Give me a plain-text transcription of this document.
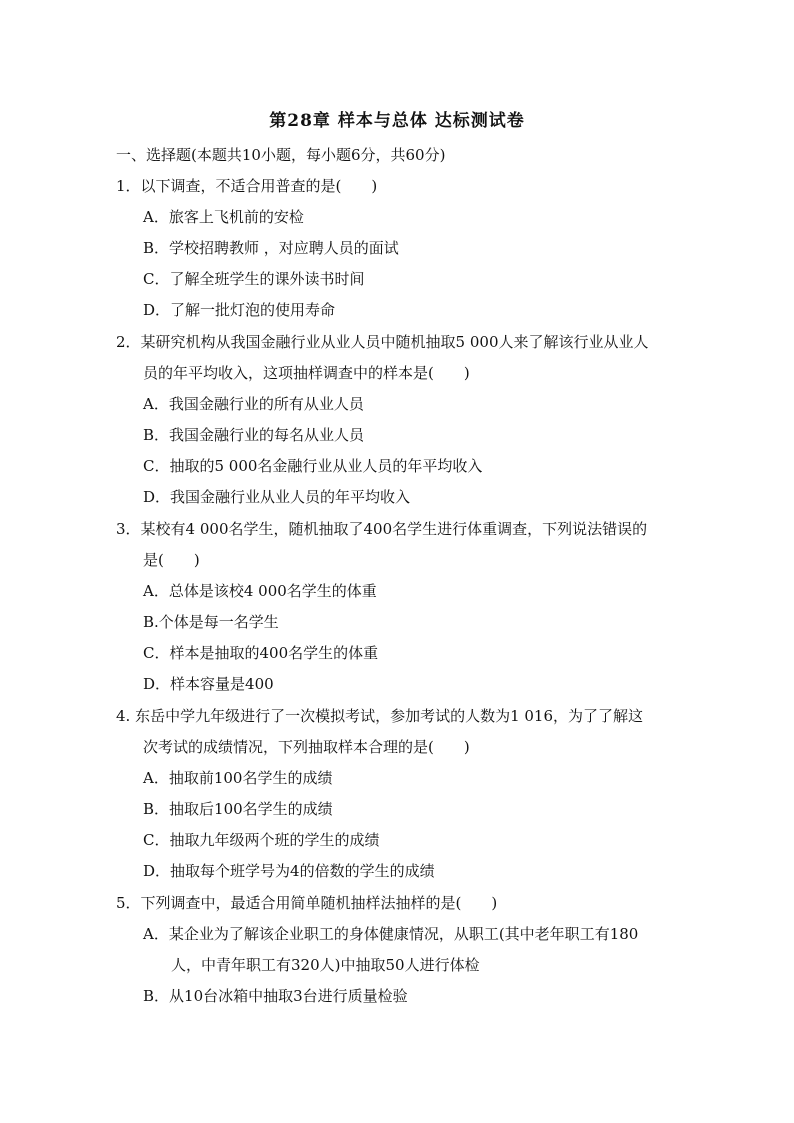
第28章 样本与总体 达标测试卷
一、选择题(本题共10小题，每小题6分，共60分)
1．以下调查，不适合用普查的是(　　)
A．旅客上飞机前的安检
B．学校招聘教师 ，对应聘人员的面试
C．了解全班学生的课外读书时间
D．了解一批灯泡的使用寿命
2．某研究机构从我国金融行业从业人员中随机抽取5 000人来了解该行业从业人
员的年平均收入，这项抽样调查中的样本是(　　)
A．我国金融行业的所有从业人员
B．我国金融行业的每名从业人员
C．抽取的5 000名金融行业从业人员的年平均收入
D．我国金融行业从业人员的年平均收入
3．某校有4 000名学生，随机抽取了400名学生进行体重调查，下列说法错误的
是(　　)
A．总体是该校4 000名学生的体重
B.个体是每一名学生
C．样本是抽取的400名学生的体重
D．样本容量是400
4. 东岳中学九年级进行了一次模拟考试，参加考试的人数为1 016，为了了解这
次考试的成绩情况，下列抽取样本合理的是(　　)
A．抽取前100名学生的成绩
B．抽取后100名学生的成绩
C．抽取九年级两个班的学生的成绩
D．抽取每个班学号为4的倍数的学生的成绩
5．下列调查中，最适合用简单随机抽样法抽样的是(　　)
A．某企业为了解该企业职工的身体健康情况，从职工(其中老年职工有180
人，中青年职工有320人)中抽取50人进行体检
B．从10台冰箱中抽取3台进行质量检验
